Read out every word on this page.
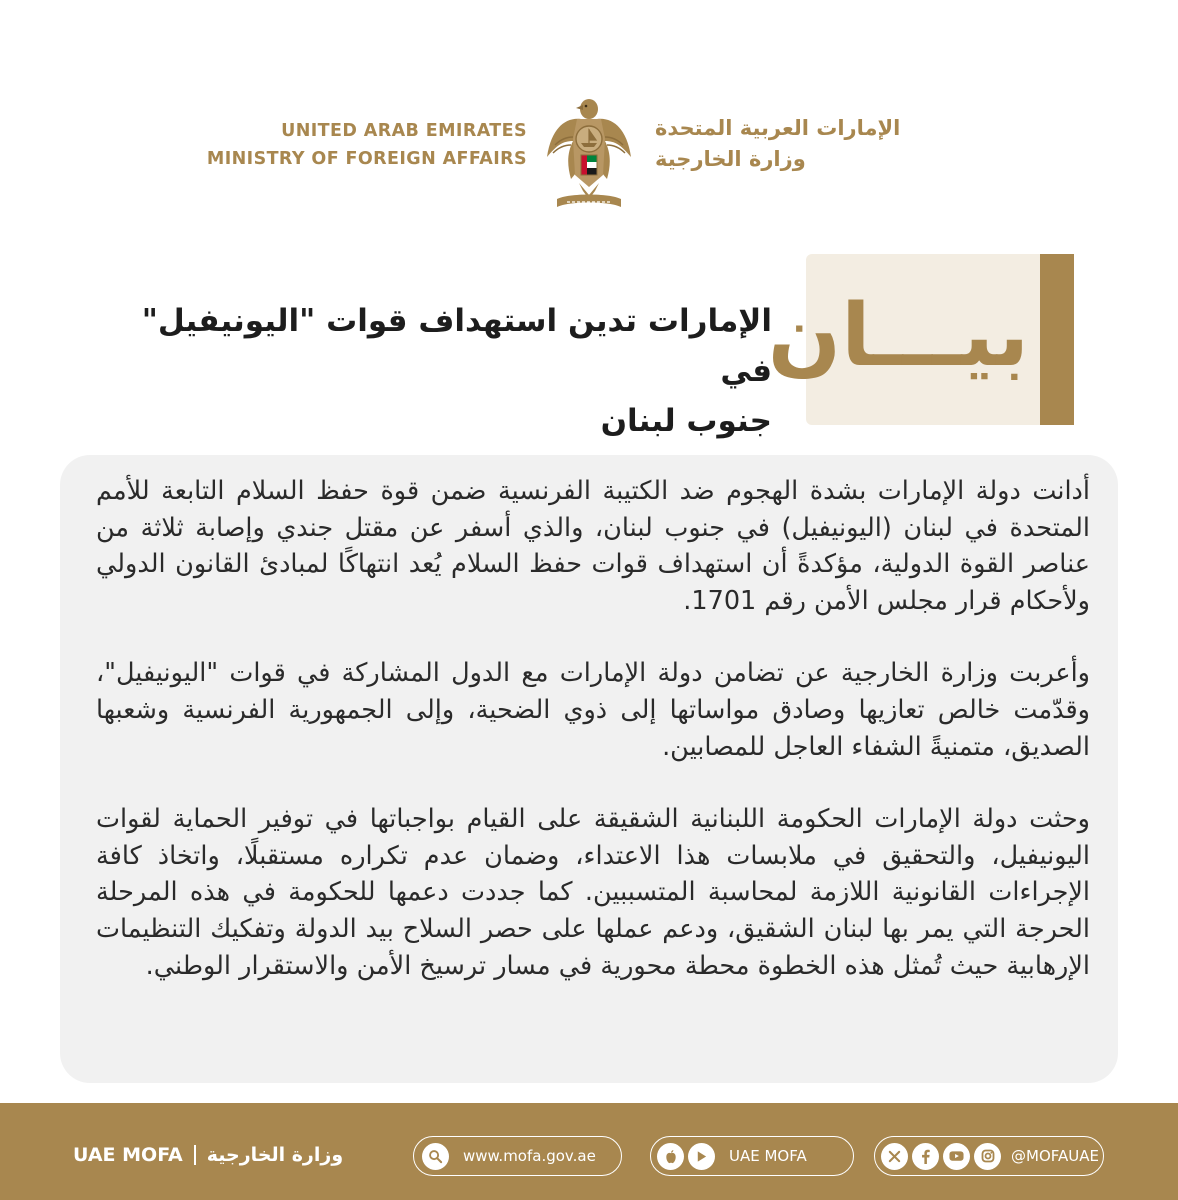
UNITED ARAB EMIRATES
MINISTRY OF FOREIGN AFFAIRS
الإمارات العربية المتحدة
وزارة الخارجية
بيـــان
الإمارات تدين استهداف قوات "اليونيفيل" في
جنوب لبنان

أدانت دولة الإمارات بشدة الهجوم ضد الكتيبة الفرنسية ضمن قوة حفظ السلام التابعة للأمم المتحدة في لبنان (اليونيفيل) في جنوب لبنان، والذي أسفر عن مقتل جندي وإصابة ثلاثة من عناصر القوة الدولية، مؤكدةً أن استهداف قوات حفظ السلام يُعد انتهاكًا لمبادئ القانون الدولي ولأحكام قرار مجلس الأمن رقم 1701.

وأعربت وزارة الخارجية عن تضامن دولة الإمارات مع الدول المشاركة في قوات "اليونيفيل"، وقدّمت خالص تعازيها وصادق مواساتها إلى ذوي الضحية، وإلى الجمهورية الفرنسية وشعبها الصديق، متمنيةً الشفاء العاجل للمصابين.

وحثت دولة الإمارات الحكومة اللبنانية الشقيقة على القيام بواجباتها في توفير الحماية لقوات اليونيفيل، والتحقيق في ملابسات هذا الاعتداء، وضمان عدم تكراره مستقبلًا، واتخاذ كافة الإجراءات القانونية اللازمة لمحاسبة المتسببين. كما جددت دعمها للحكومة في هذه المرحلة الحرجة التي يمر بها لبنان الشقيق، ودعم عملها على حصر السلاح بيد الدولة وتفكيك التنظيمات الإرهابية حيث تُمثل هذه الخطوة محطة محورية في مسار ترسيخ الأمن والاستقرار الوطني.

UAE MOFA وزارة الخارجية	www.mofa.gov.ae	UAE MOFA	@MOFAUAE
